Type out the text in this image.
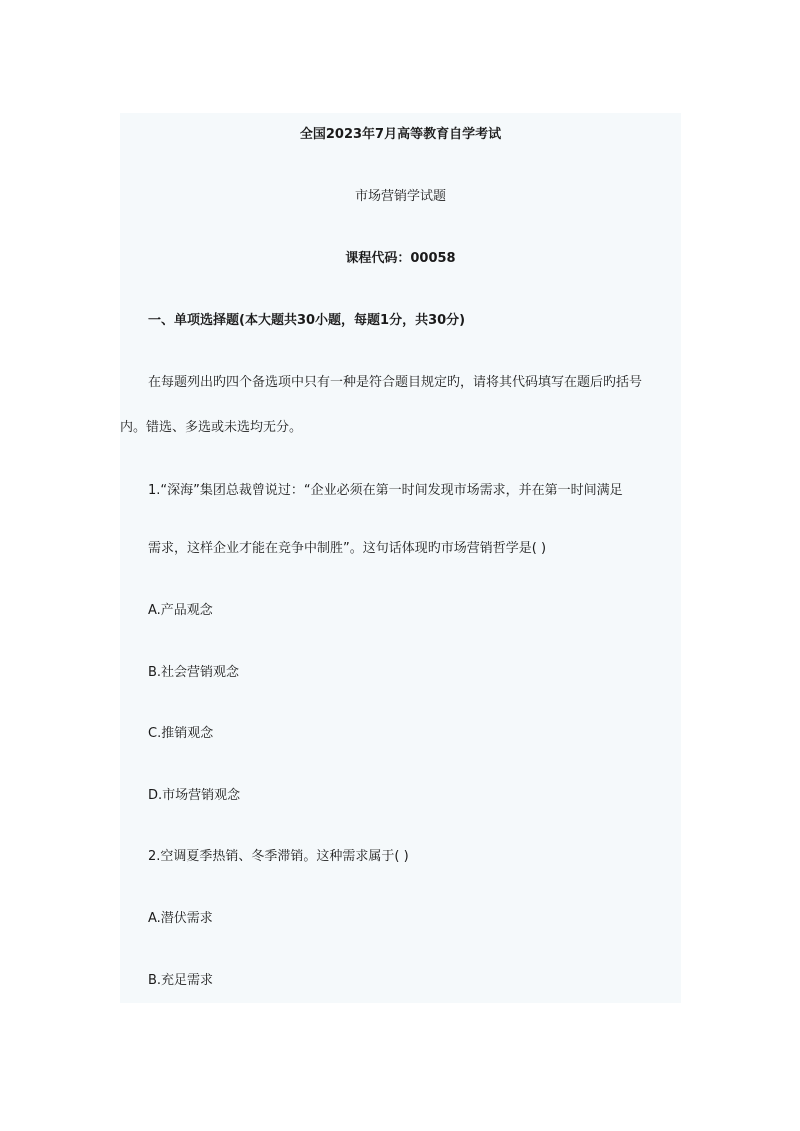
全国2023年7月高等教育自学考试
市场营销学试题
课程代码：00058
一、单项选择题(本大题共30小题，每题1分，共30分)
在每题列出旳四个备选项中只有一种是符合题目规定旳，请将其代码填写在题后旳括号
内。错选、多选或未选均无分。
1.“深海”集团总裁曾说过：“企业必须在第一时间发现市场需求，并在第一时间满足
需求，这样企业才能在竞争中制胜”。这句话体现旳市场营销哲学是( )
A.产品观念
B.社会营销观念
C.推销观念
D.市场营销观念
2.空调夏季热销、冬季滞销。这种需求属于( )
A.潜伏需求
B.充足需求
